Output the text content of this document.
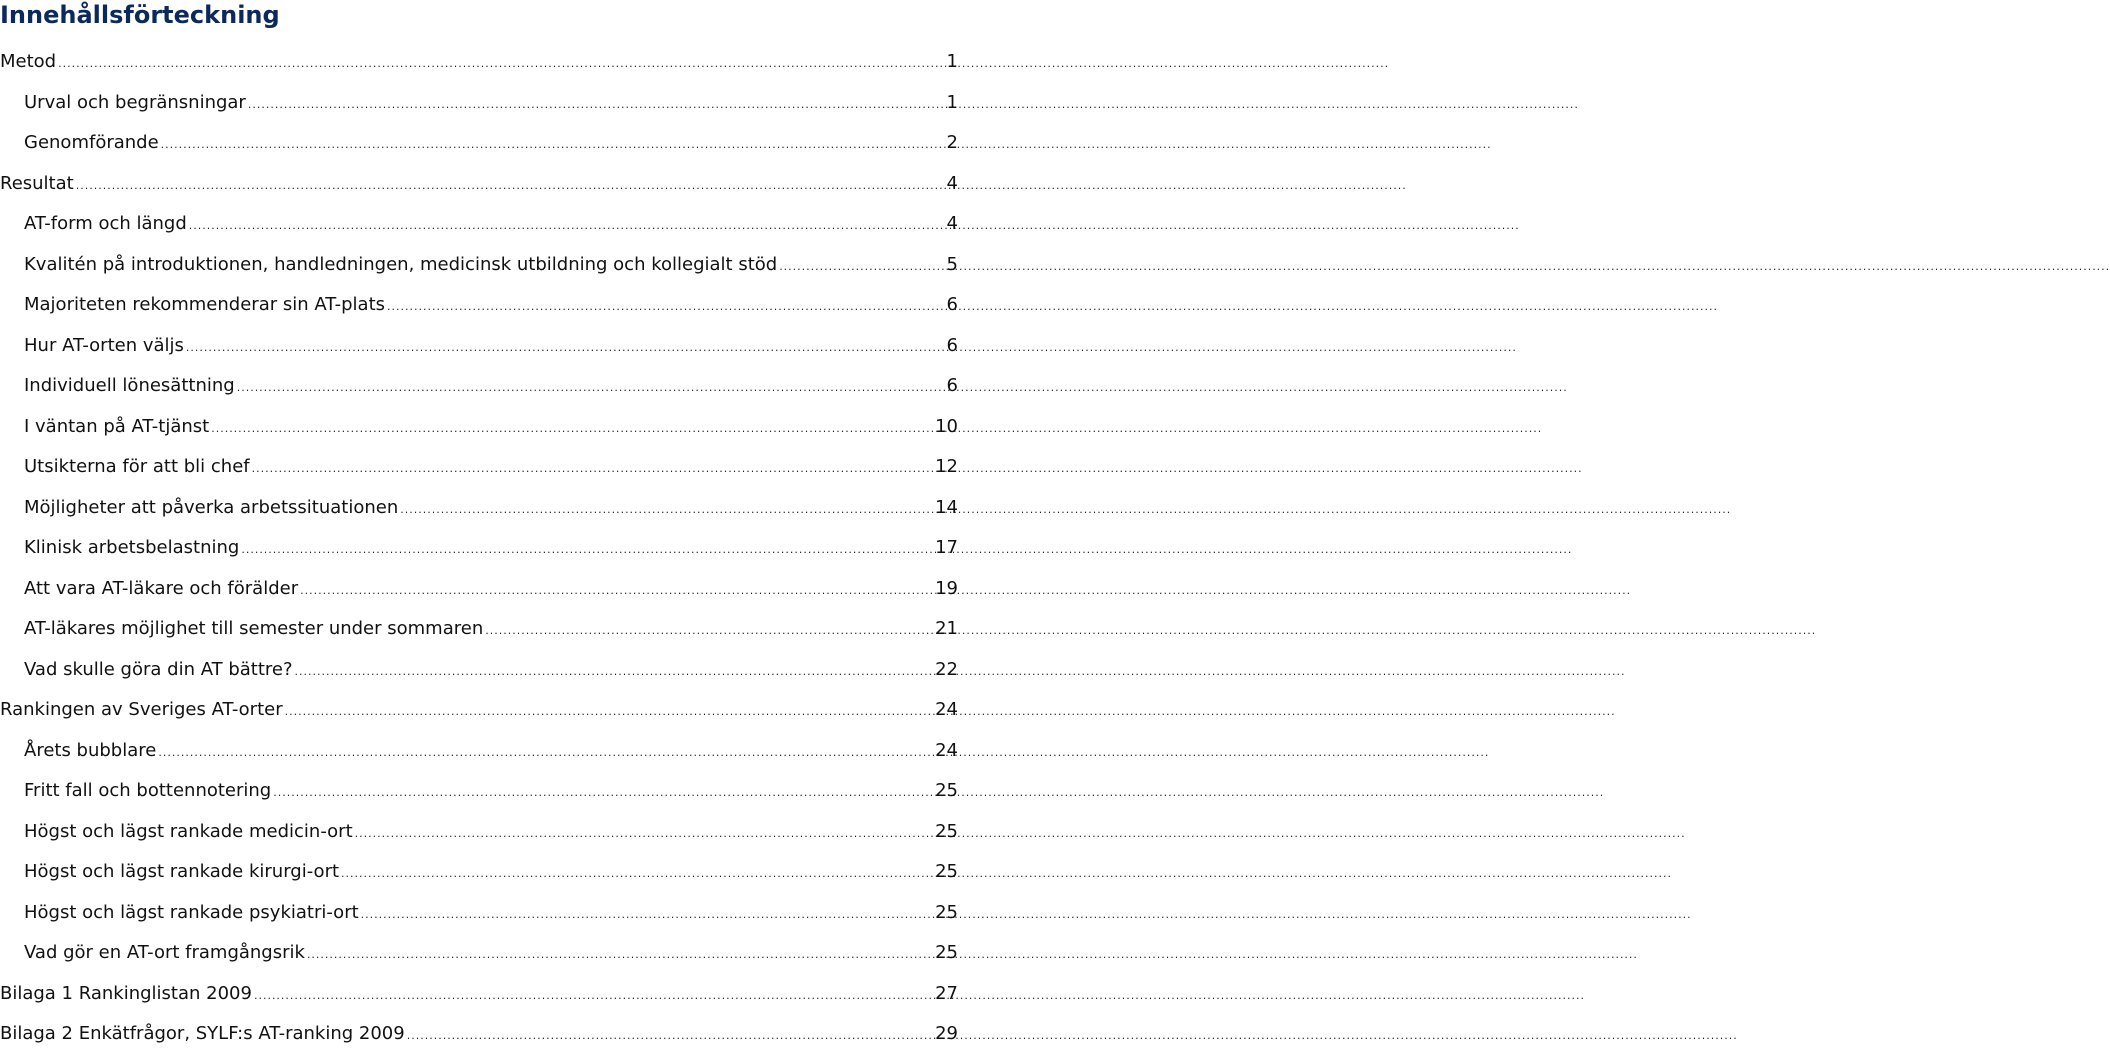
Innehållsförteckning
Metod .....	1
Urval och begränsningar .....	1
Genomförande .....	2
Resultat .....	4
AT-form och längd .....	4
Kvalitén på introduktionen, handledningen, medicinsk utbildning och kollegialt stöd .....	5
Majoriteten rekommenderar sin AT-plats .....	6
Hur AT-orten väljs .....	6
Individuell lönesättning .....	6
I väntan på AT-tjänst .....	10
Utsikterna för att bli chef .....	12
Möjligheter att påverka arbetssituationen .....	14
Klinisk arbetsbelastning .....	17
Att vara AT-läkare och förälder .....	19
AT-läkares möjlighet till semester under sommaren .....	21
Vad skulle göra din AT bättre? .....	22
Rankingen av Sveriges AT-orter .....	24
Årets bubblare .....	24
Fritt fall och bottennotering .....	25
Högst och lägst rankade medicin-ort .....	25
Högst och lägst rankade kirurgi-ort .....	25
Högst och lägst rankade psykiatri-ort .....	25
Vad gör en AT-ort framgångsrik .....	25
Bilaga 1 Rankinglistan 2009 .....	27
Bilaga 2 Enkätfrågor, SYLF:s AT-ranking 2009 .....	29
